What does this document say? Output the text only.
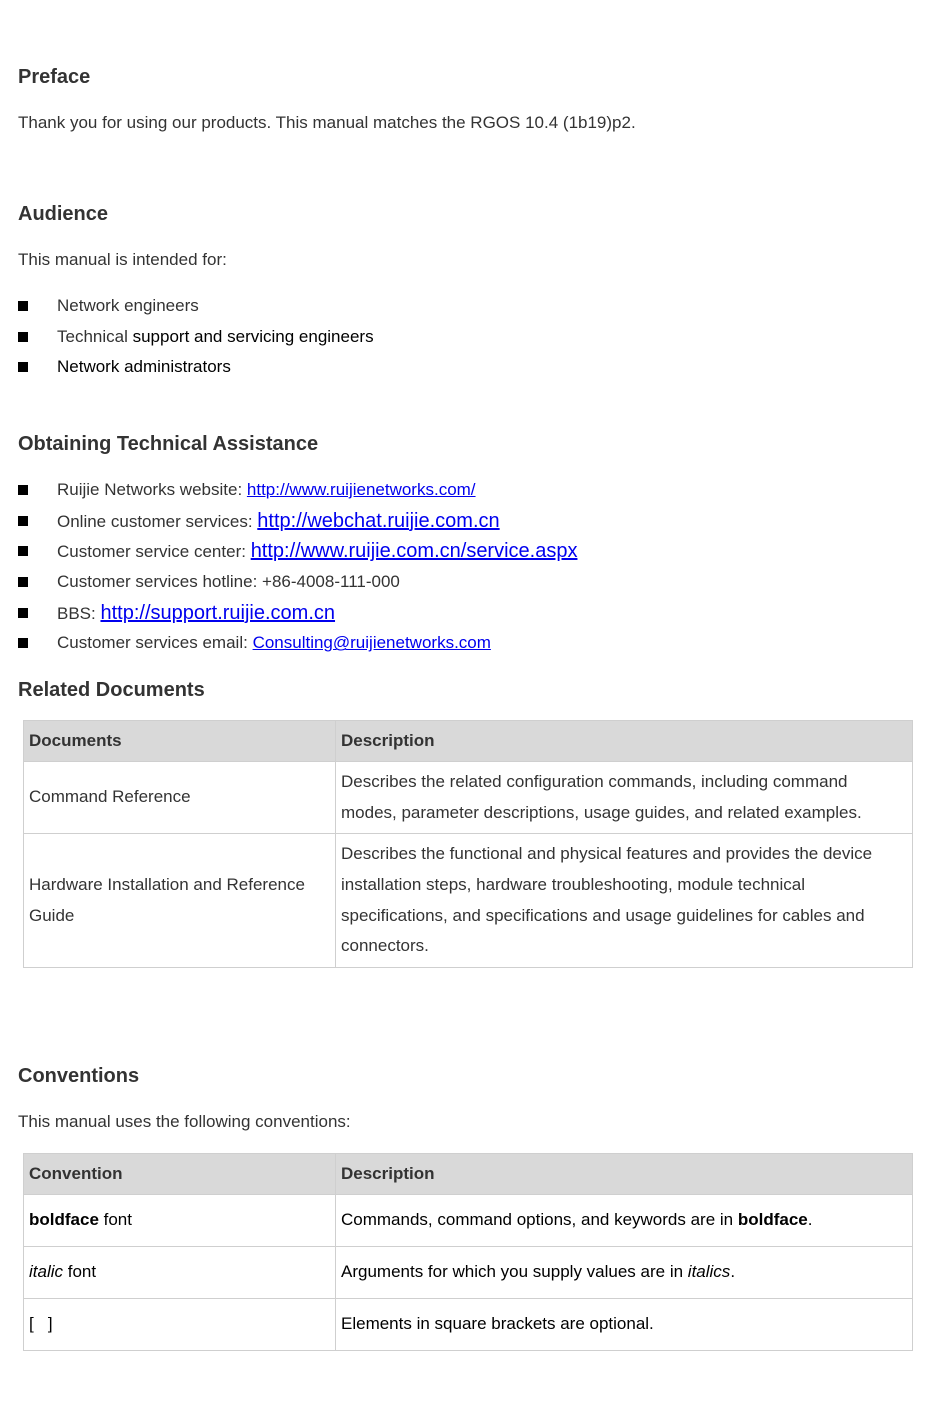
Preface

Thank you for using our products. This manual matches the RGOS 10.4 (1b19)p2.

Audience

This manual is intended for:

Network engineers
Technical support and servicing engineers
Network administrators
Obtaining Technical Assistance
Ruijie Networks website: http://www.ruijienetworks.com/
Online customer services: http://webchat.ruijie.com.cn
Customer service center: http://www.ruijie.com.cn/service.aspx
Customer services hotline: +86-4008-111-000
BBS: http://support.ruijie.com.cn
Customer services email: Consulting@ruijienetworks.com
Related Documents
Documents	Description
Command Reference	Describes the related configuration commands, including command modes, parameter descriptions, usage guides, and related examples.
Hardware Installation and Reference Guide	Describes the functional and physical features and provides the device installation steps, hardware troubleshooting, module technical specifications, and specifications and usage guidelines for cables and connectors.
Conventions

This manual uses the following conventions:

Convention	Description
boldface font	Commands, command options, and keywords are in boldface.
italic font	Arguments for which you supply values are in italics.
[   ]	Elements in square brackets are optional.
